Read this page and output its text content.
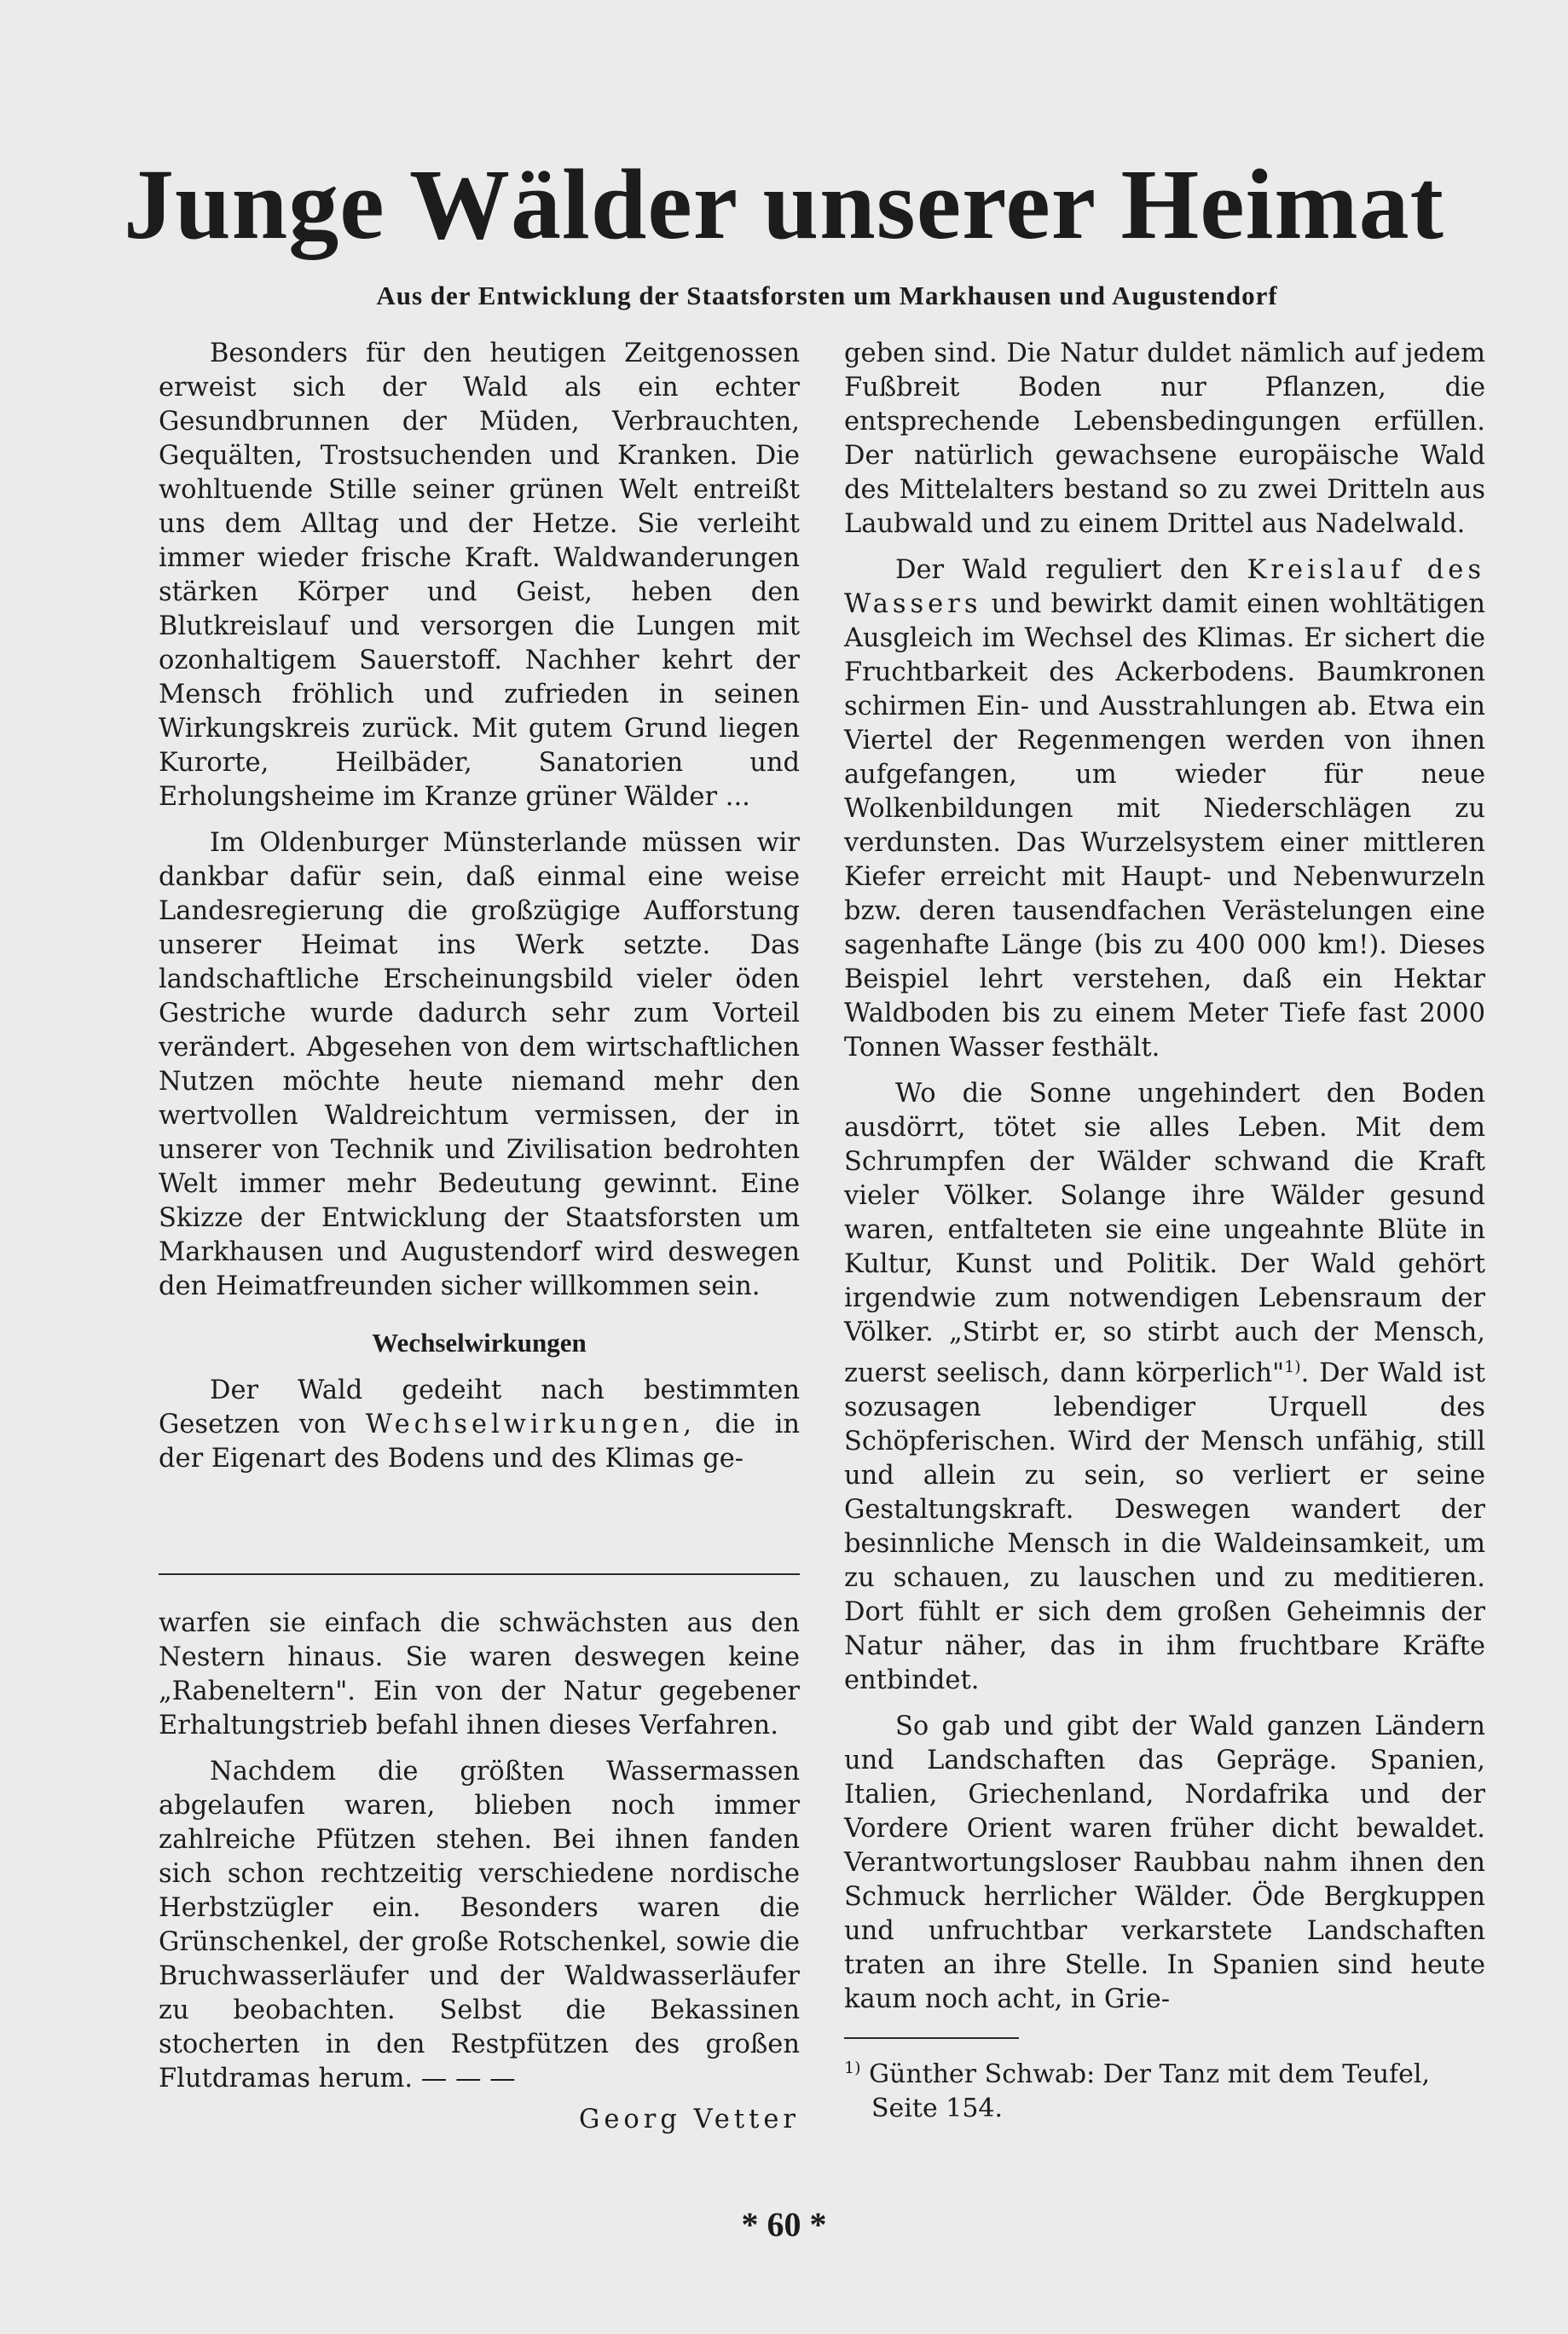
Junge Wälder unserer Heimat
Aus der Entwicklung der Staatsforsten um Markhausen und Augustendorf

Besonders für den heutigen Zeitgenossen erweist sich der Wald als ein echter Gesundbrunnen der Müden, Verbrauchten, Gequälten, Trostsuchenden und Kranken. Die wohltuende Stille seiner grünen Welt entreißt uns dem Alltag und der Hetze. Sie verleiht immer wieder frische Kraft. Waldwanderungen stärken Körper und Geist, heben den Blutkreislauf und versorgen die Lungen mit ozonhaltigem Sauerstoff. Nachher kehrt der Mensch fröhlich und zufrieden in seinen Wirkungskreis zurück. Mit gutem Grund liegen Kurorte, Heilbäder, Sanatorien und Erholungsheime im Kranze grüner Wälder ...

Im Oldenburger Münsterlande müssen wir dankbar dafür sein, daß einmal eine weise Landesregierung die großzügige Aufforstung unserer Heimat ins Werk setzte. Das landschaftliche Erscheinungsbild vieler öden Gestriche wurde dadurch sehr zum Vorteil verändert. Abgesehen von dem wirtschaftlichen Nutzen möchte heute niemand mehr den wertvollen Waldreichtum vermissen, der in unserer von Technik und Zivilisation bedrohten Welt immer mehr Bedeutung gewinnt. Eine Skizze der Entwicklung der Staatsforsten um Markhausen und Augustendorf wird deswegen den Heimatfreunden sicher willkommen sein.

Wechselwirkungen

Der Wald gedeiht nach bestimmten Gesetzen von Wechselwirkungen, die in der Eigenart des Bodens und des Klimas ge-

warfen sie einfach die schwächsten aus den Nestern hinaus. Sie waren deswegen keine „Rabeneltern". Ein von der Natur gegebener Erhaltungstrieb befahl ihnen dieses Verfahren.

Nachdem die größten Wassermassen abgelaufen waren, blieben noch immer zahlreiche Pfützen stehen. Bei ihnen fanden sich schon rechtzeitig verschiedene nordische Herbstzügler ein. Besonders waren die Grünschenkel, der große Rotschenkel, sowie die Bruchwasserläufer und der Waldwasserläufer zu beobachten. Selbst die Bekassinen stocherten in den Restpfützen des großen Flutdramas herum. — — —

Georg Vetter

geben sind. Die Natur duldet nämlich auf jedem Fußbreit Boden nur Pflanzen, die entsprechende Lebensbedingungen erfüllen. Der natürlich gewachsene europäische Wald des Mittelalters bestand so zu zwei Dritteln aus Laubwald und zu einem Drittel aus Nadelwald.

Der Wald reguliert den Kreislauf des Wassers und bewirkt damit einen wohltätigen Ausgleich im Wechsel des Klimas. Er sichert die Fruchtbarkeit des Ackerbodens. Baumkronen schirmen Ein- und Ausstrahlungen ab. Etwa ein Viertel der Regenmengen werden von ihnen aufgefangen, um wieder für neue Wolkenbildungen mit Niederschlägen zu verdunsten. Das Wurzelsystem einer mittleren Kiefer erreicht mit Haupt- und Nebenwurzeln bzw. deren tausendfachen Verästelungen eine sagenhafte Länge (bis zu 400 000 km!). Dieses Beispiel lehrt verstehen, daß ein Hektar Waldboden bis zu einem Meter Tiefe fast 2000 Tonnen Wasser festhält.

Wo die Sonne ungehindert den Boden ausdörrt, tötet sie alles Leben. Mit dem Schrumpfen der Wälder schwand die Kraft vieler Völker. Solange ihre Wälder gesund waren, entfalteten sie eine ungeahnte Blüte in Kultur, Kunst und Politik. Der Wald gehört irgendwie zum notwendigen Lebensraum der Völker. „Stirbt er, so stirbt auch der Mensch, zuerst seelisch, dann körperlich"$^{1)}$. Der Wald ist sozusagen lebendiger Urquell des Schöpferischen. Wird der Mensch unfähig, still und allein zu sein, so verliert er seine Gestaltungskraft. Deswegen wandert der besinnliche Mensch in die Waldeinsamkeit, um zu schauen, zu lauschen und zu meditieren. Dort fühlt er sich dem großen Geheimnis der Natur näher, das in ihm fruchtbare Kräfte entbindet.

So gab und gibt der Wald ganzen Ländern und Landschaften das Gepräge. Spanien, Italien, Griechenland, Nordafrika und der Vordere Orient waren früher dicht bewaldet. Verantwortungsloser Raubbau nahm ihnen den Schmuck herrlicher Wälder. Öde Bergkuppen und unfruchtbar verkarstete Landschaften traten an ihre Stelle. In Spanien sind heute kaum noch acht, in Grie-

$^{1)}$ Günther Schwab: Der Tanz mit dem Teufel, Seite 154.
* 60 *
